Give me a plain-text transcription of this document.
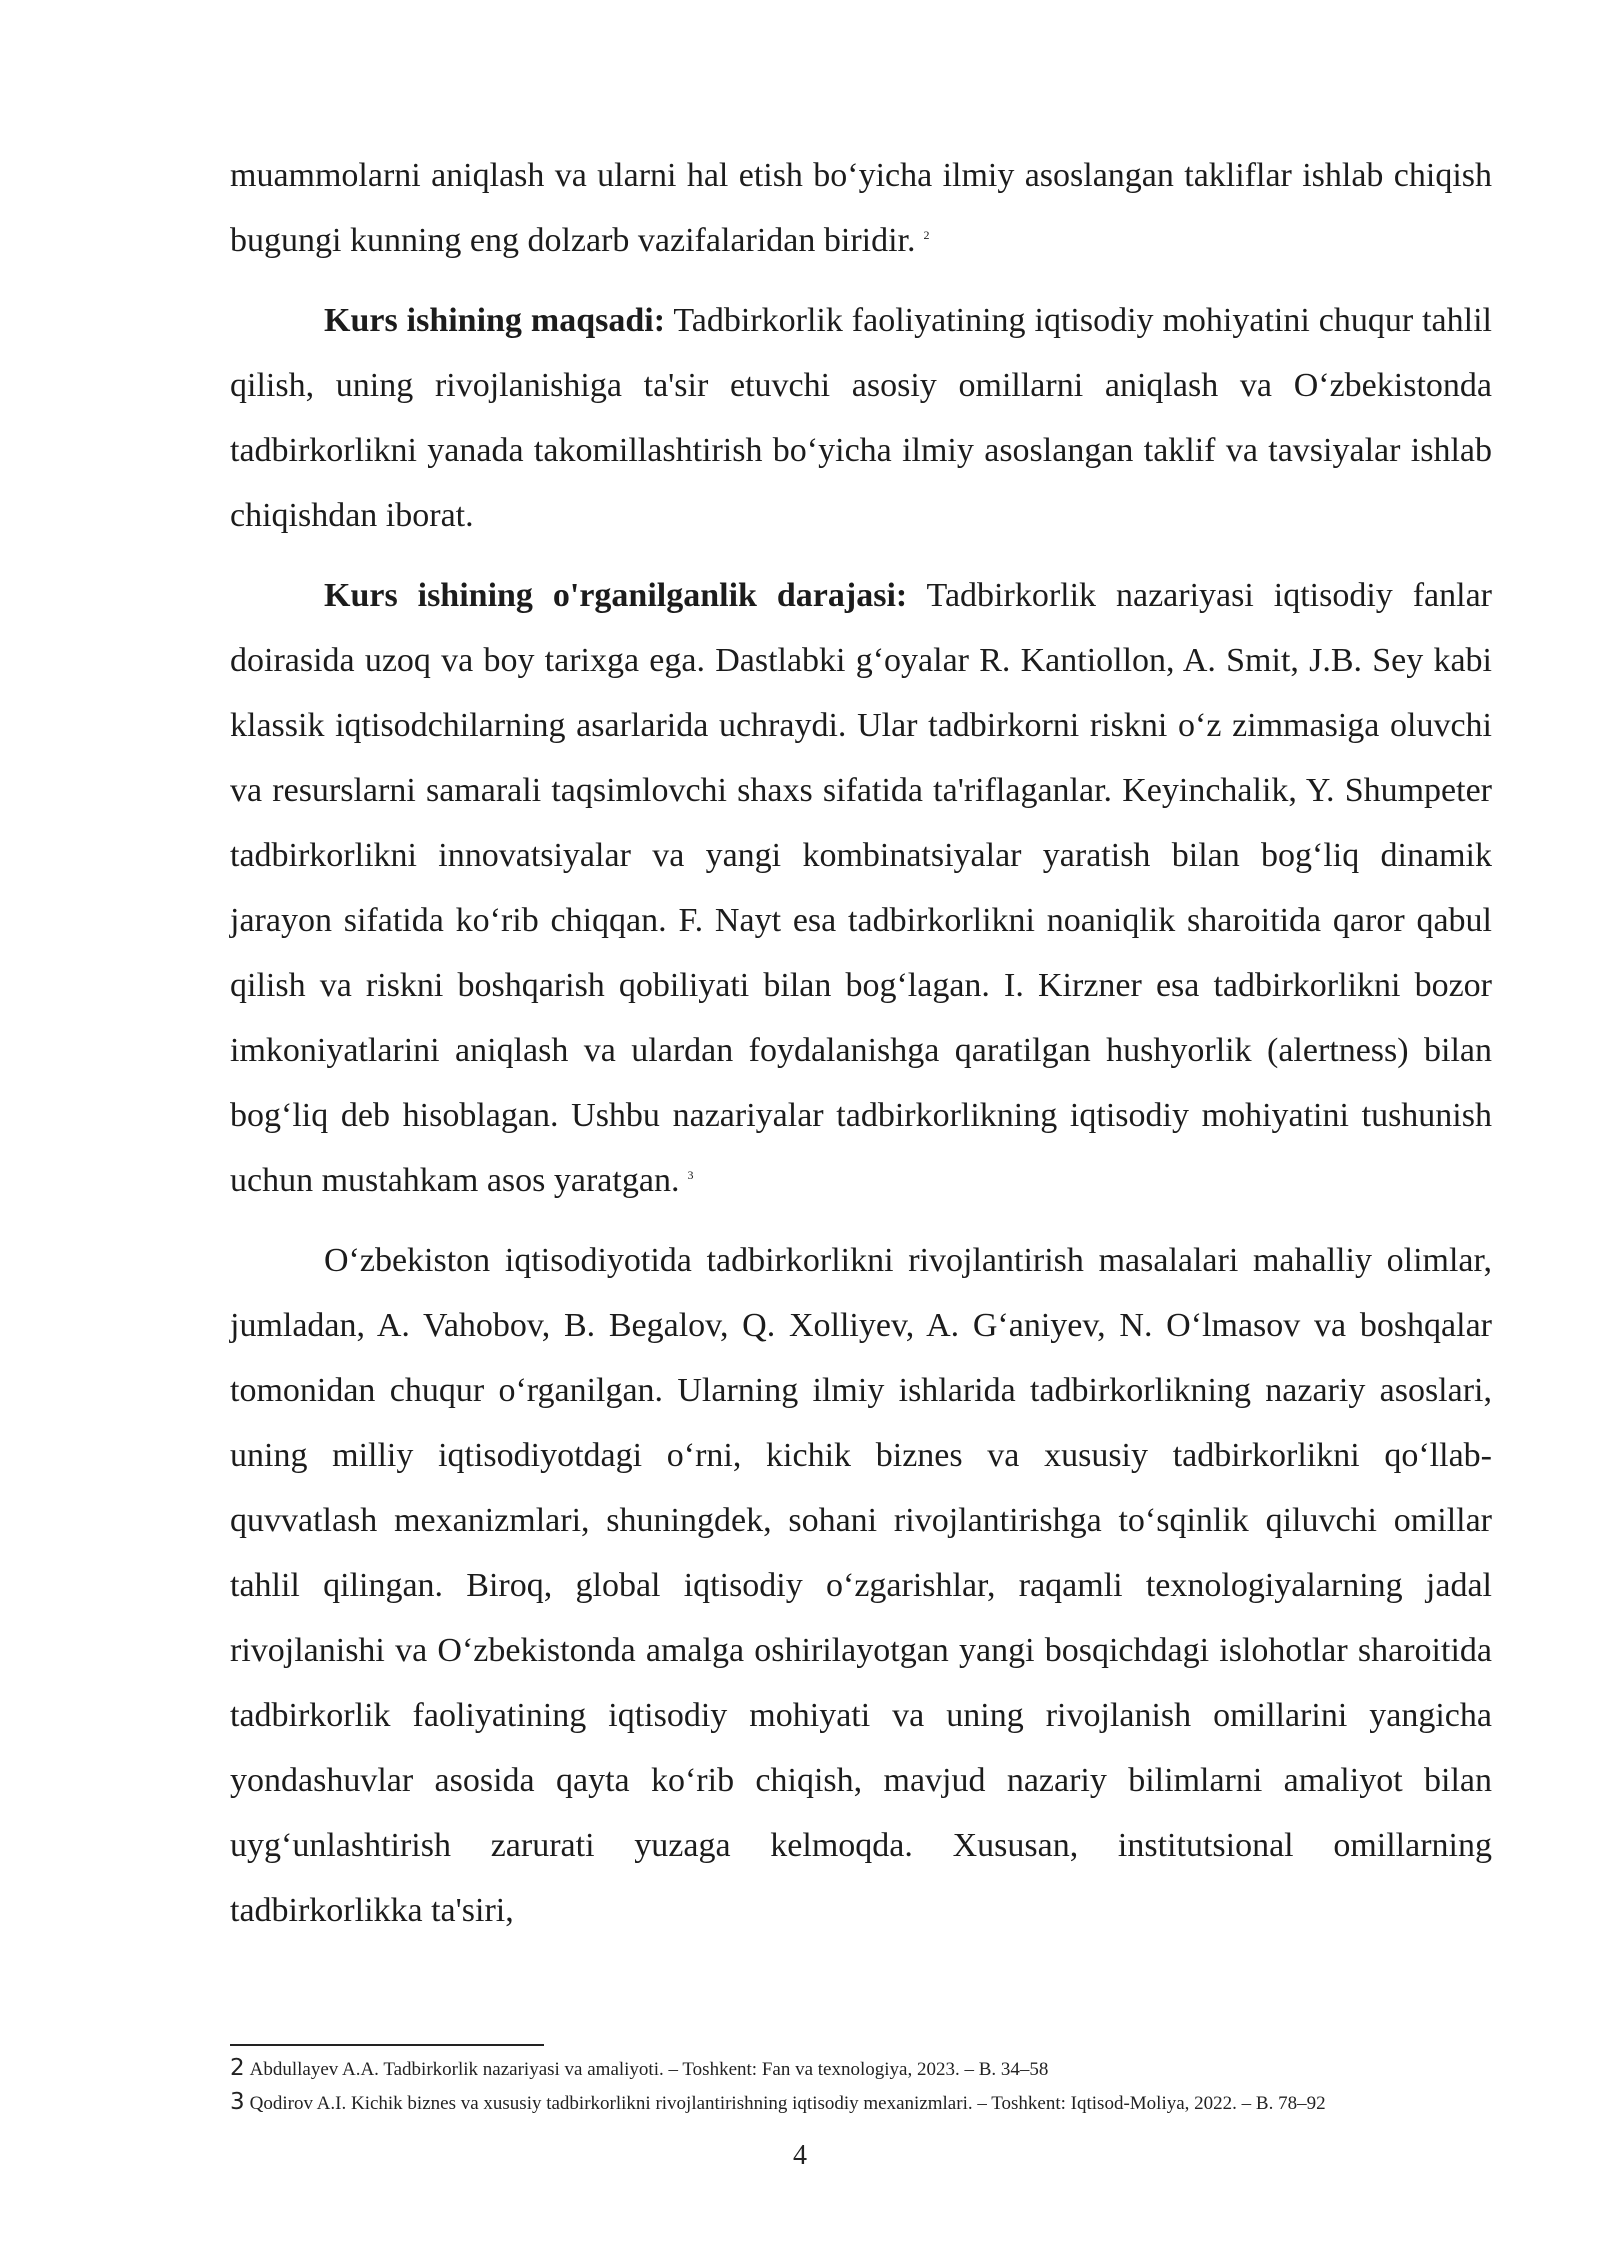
muammolarni aniqlash va ularni hal etish bo‘yicha ilmiy asoslangan takliflar ishlab chiqish bugungi kunning eng dolzarb vazifalaridan biridir. $^2$

Kurs ishining maqsadi: Tadbirkorlik faoliyatining iqtisodiy mohiyatini chuqur tahlil qilish, uning rivojlanishiga ta'sir etuvchi asosiy omillarni aniqlash va O‘zbekistonda tadbirkorlikni yanada takomillashtirish bo‘yicha ilmiy asoslangan taklif va tavsiyalar ishlab chiqishdan iborat.

Kurs ishining o'rganilganlik darajasi: Tadbirkorlik nazariyasi iqtisodiy fanlar doirasida uzoq va boy tarixga ega. Dastlabki g‘oyalar R. Kantiollon, A. Smit, J.B. Sey kabi klassik iqtisodchilarning asarlarida uchraydi. Ular tadbirkorni riskni o‘z zimmasiga oluvchi va resurslarni samarali taqsimlovchi shaxs sifatida ta'riflaganlar. Keyinchalik, Y. Shumpeter tadbirkorlikni innovatsiyalar va yangi kombinatsiyalar yaratish bilan bog‘liq dinamik jarayon sifatida ko‘rib chiqqan. F. Nayt esa tadbirkorlikni noaniqlik sharoitida qaror qabul qilish va riskni boshqarish qobiliyati bilan bog‘lagan. I. Kirzner esa tadbirkorlikni bozor imkoniyatlarini aniqlash va ulardan foydalanishga qaratilgan hushyorlik (alertness) bilan bog‘liq deb hisoblagan. Ushbu nazariyalar tadbirkorlikning iqtisodiy mohiyatini tushunish uchun mustahkam asos yaratgan. $^3$

O‘zbekiston iqtisodiyotida tadbirkorlikni rivojlantirish masalalari mahalliy olimlar, jumladan, A. Vahobov, B. Begalov, Q. Xolliyev, A. G‘aniyev, N. O‘lmasov va boshqalar tomonidan chuqur o‘rganilgan. Ularning ilmiy ishlarida tadbirkorlikning nazariy asoslari, uning milliy iqtisodiyotdagi o‘rni, kichik biznes va xususiy tadbirkorlikni qo‘llab-quvvatlash mexanizmlari, shuningdek, sohani rivojlantirishga to‘sqinlik qiluvchi omillar tahlil qilingan. Biroq, global iqtisodiy o‘zgarishlar, raqamli texnologiyalarning jadal rivojlanishi va O‘zbekistonda amalga oshirilayotgan yangi bosqichdagi islohotlar sharoitida tadbirkorlik faoliyatining iqtisodiy mohiyati va uning rivojlanish omillarini yangicha yondashuvlar asosida qayta ko‘rib chiqish, mavjud nazariy bilimlarni amaliyot bilan uyg‘unlashtirish zarurati yuzaga kelmoqda. Xususan, institutsional omillarning tadbirkorlikka ta'siri,

2 Abdullayev A.A. Tadbirkorlik nazariyasi va amaliyoti. – Toshkent: Fan va texnologiya, 2023. – B. 34–58
3 Qodirov A.I. Kichik biznes va xususiy tadbirkorlikni rivojlantirishning iqtisodiy mexanizmlari. – Toshkent: Iqtisod-Moliya, 2022. – B. 78–92
4
